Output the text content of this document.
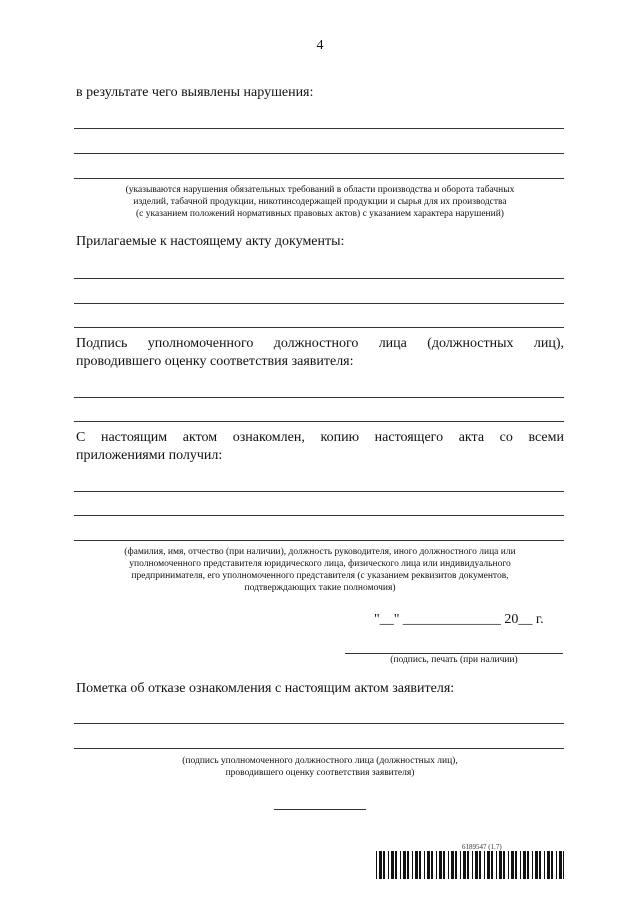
4
в результате чего выявлены нарушения:
(указываются нарушения обязательных требований в области производства и оборота табачных
изделий, табачной продукции, никотинсодержащей продукции и сырья для их производства
(с указанием положений нормативных правовых актов) с указанием характера нарушений)
Прилагаемые к настоящему акту документы:
Подпись уполномоченного должностного лица (должностных лиц),
проводившего оценку соответствия заявителя:
С настоящим актом ознакомлен, копию настоящего акта со всеми
приложениями получил:
(фамилия, имя, отчество (при наличии), должность руководителя, иного должностного лица или
уполномоченного представителя юридического лица, физического лица или индивидуального
предпринимателя, его уполномоченного представителя (с указанием реквизитов документов,
подтверждающих такие полномочия)
"__" ______________ 20__ г.
(подпись, печать (при наличии)
Пометка об отказе ознакомления с настоящим актом заявителя:
(подпись уполномоченного должностного лица (должностных лиц),
проводившего оценку соответствия заявителя)
6189547 (1.7)
